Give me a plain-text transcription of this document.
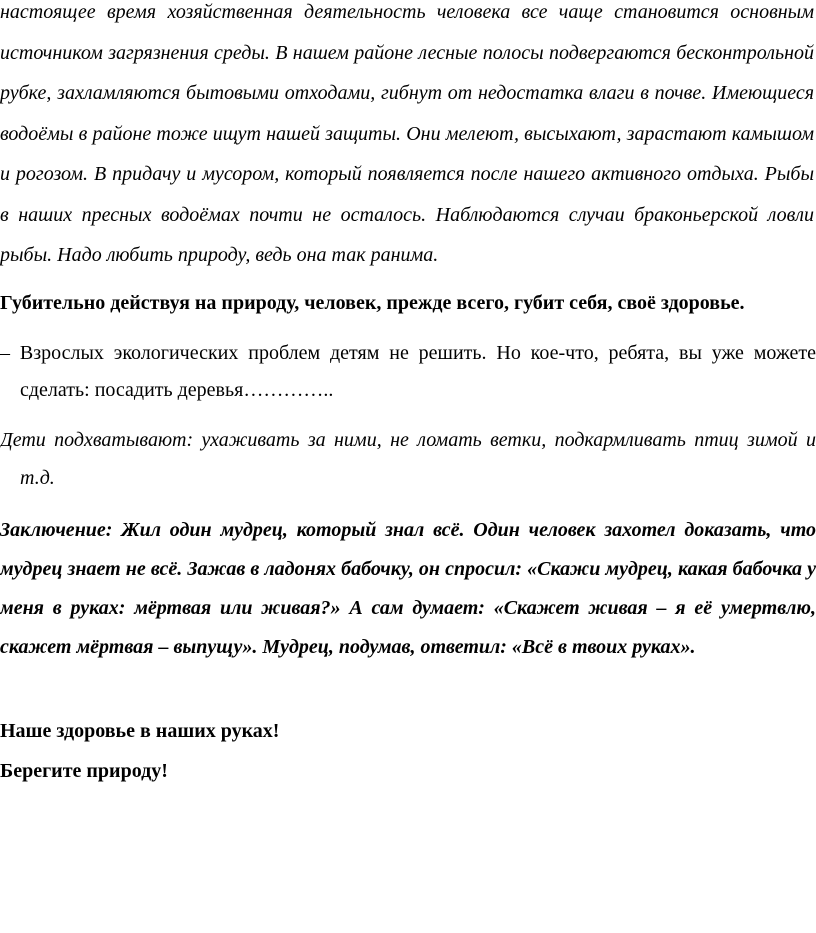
настоящее время хозяйственная деятельность человека все чаще становится основным источником загрязнения среды. В нашем районе лесные полосы подвергаются бесконтрольной рубке, захламляются бытовыми отходами, гибнут от недостатка влаги в почве. Имеющиеся водоёмы в районе тоже ищут нашей защиты. Они мелеют, высыхают, зарастают камышом и рогозом. В придачу и мусором, который появляется после нашего активного отдыха. Рыбы в наших пресных водоёмах почти не осталось. Наблюдаются случаи браконьерской ловли рыбы. Надо любить природу, ведь она так ранима.

Губительно действуя на природу, человек, прежде всего, губит себя, своё здоровье.

– Взрослых экологических проблем детям не решить. Но кое-что, ребята, вы уже можете сделать: посадить деревья…………..

Дети подхватывают: ухаживать за ними, не ломать ветки, подкармливать птиц зимой и т.д.

Заключение: Жил один мудрец, который знал всё. Один человек захотел доказать, что мудрец знает не всё. Зажав в ладонях бабочку, он спросил: «Скажи мудрец, какая бабочка у меня в руках: мёртвая или живая?» А сам думает: «Скажет живая – я её умертвлю, скажет мёртвая – выпущу». Мудрец, подумав, ответил: «Всё в твоих руках».

Наше здоровье в наших руках!

Берегите природу!
